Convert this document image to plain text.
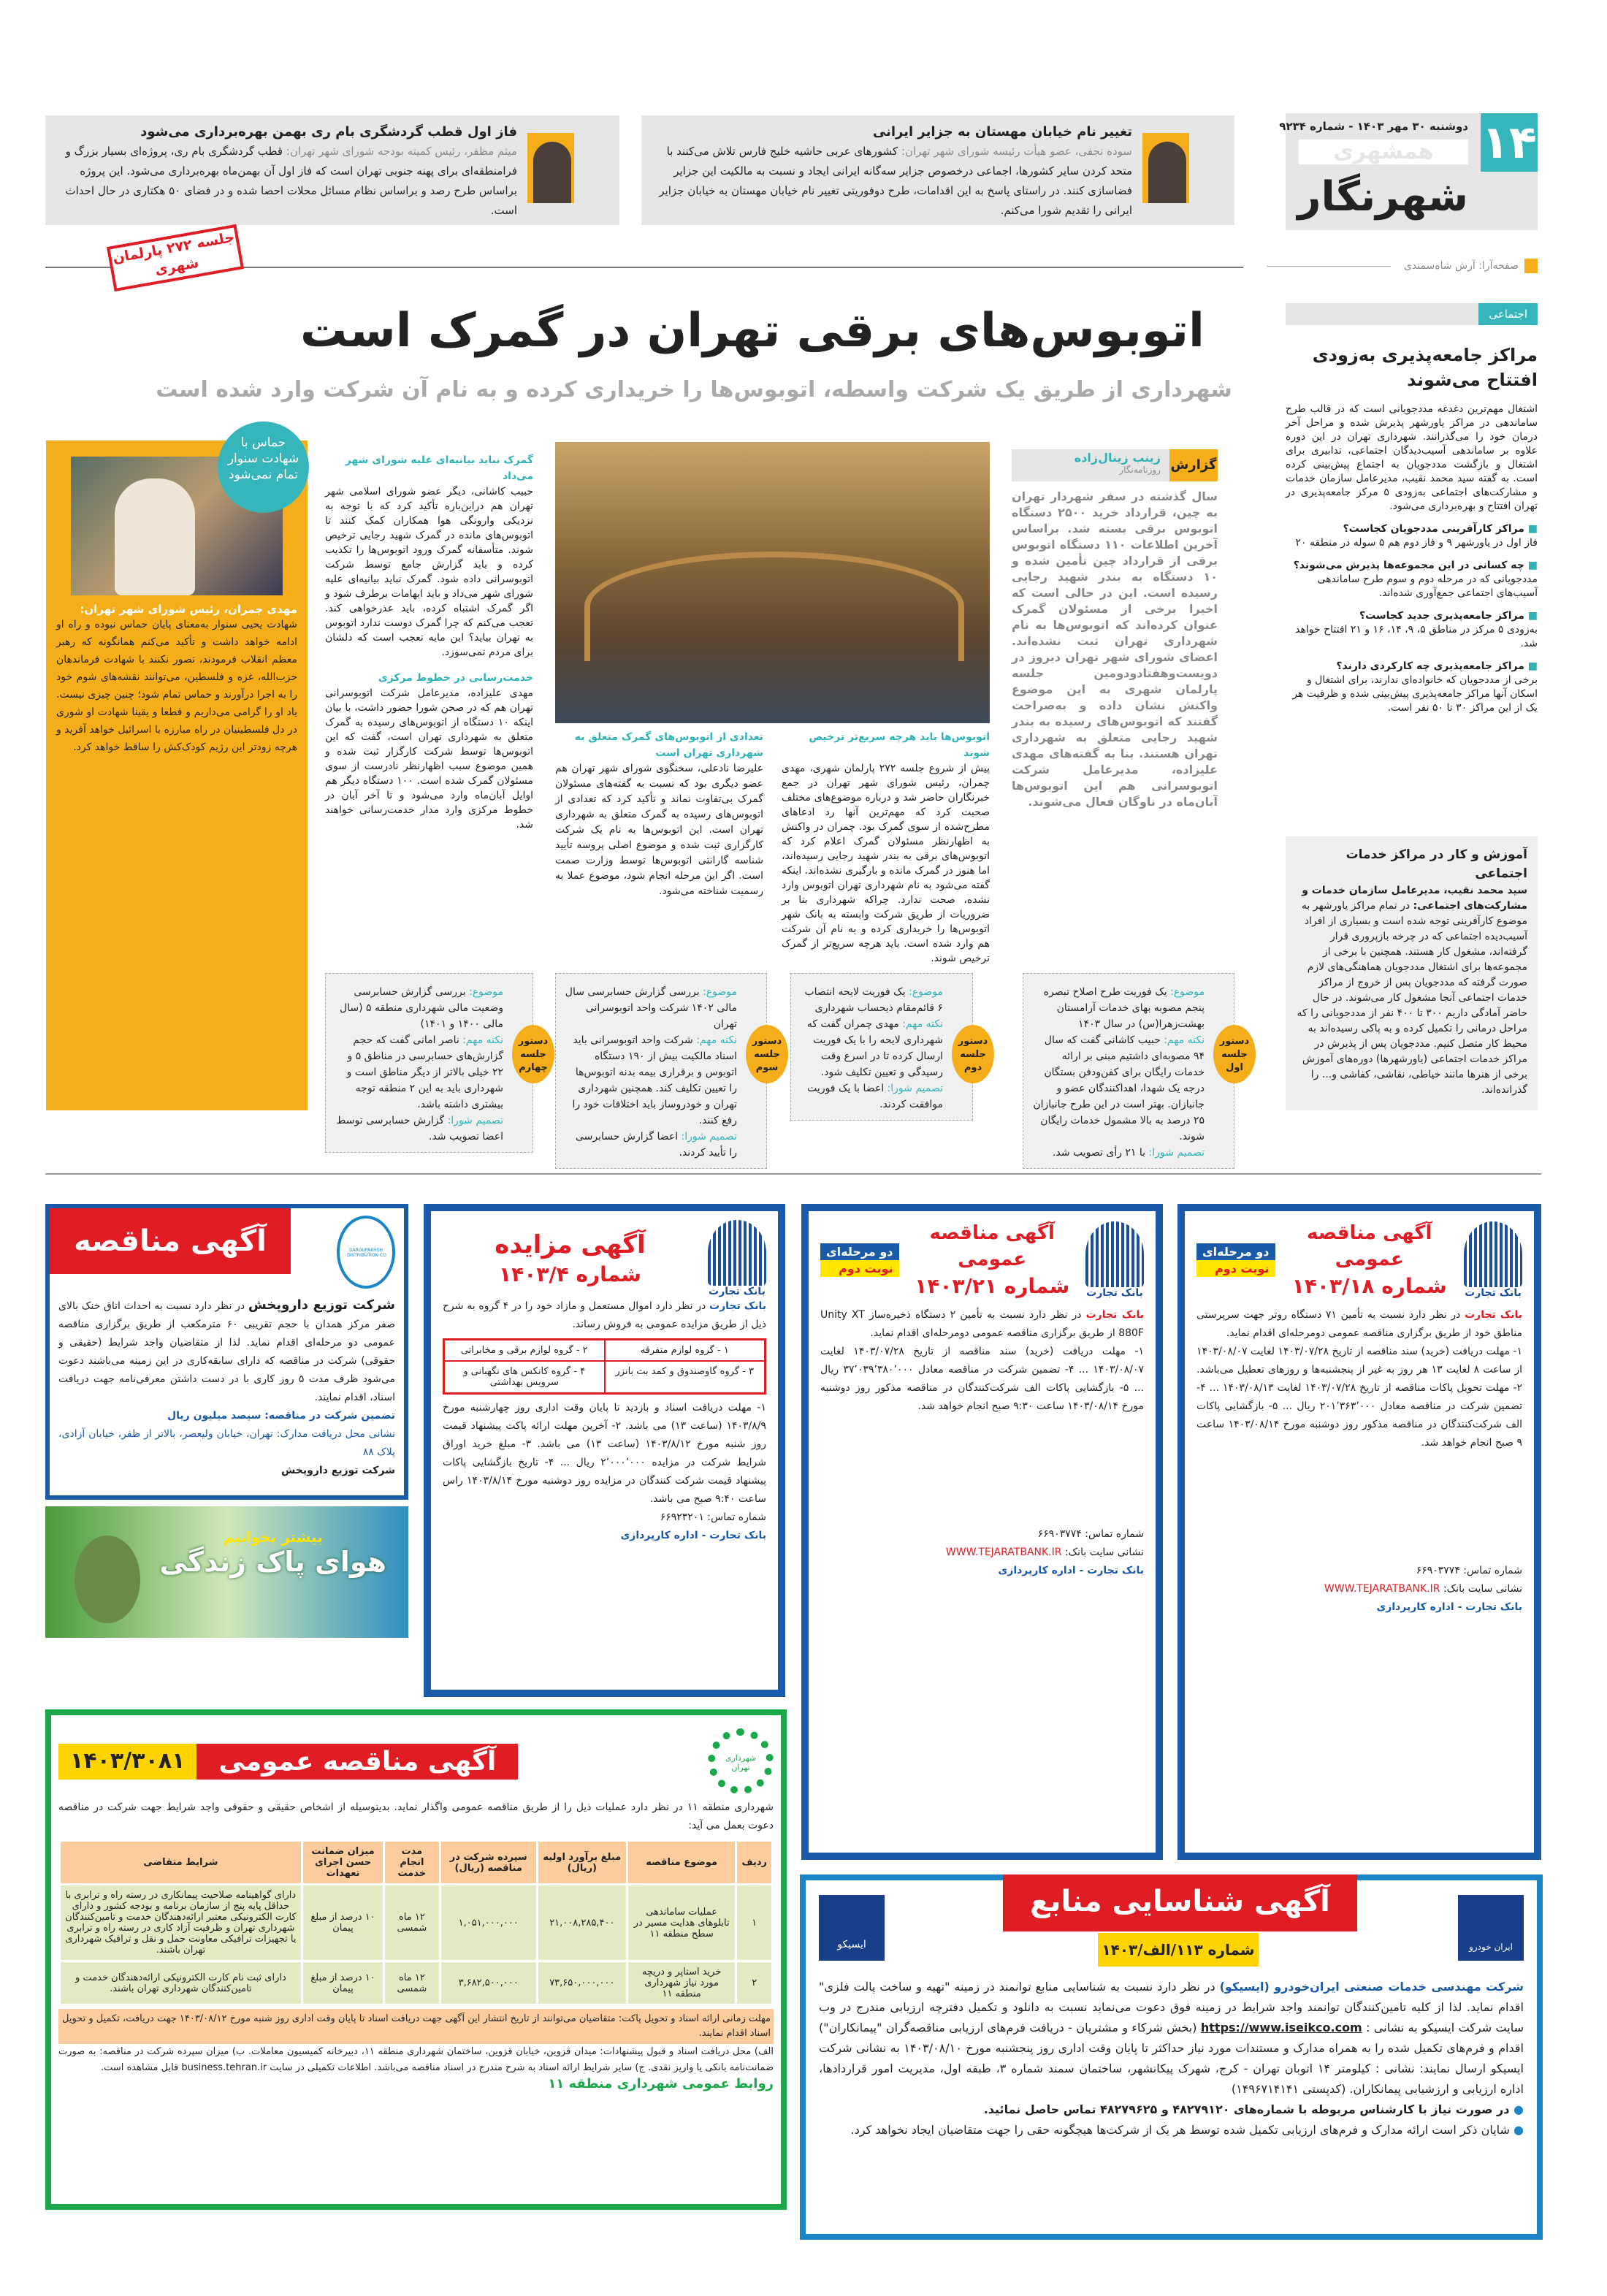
۱۴
دوشنبه ۳۰ مهر ۱۴۰۳ - شماره ۹۲۳۴
همشهری
شهرنگار
صفحه‌آرا: آرش شاه‌سمندی
تغییر نام خیابان مهستان به جزایر ایرانی
سوده نجفی، عضو هیأت رئیسه شورای شهر تهران: کشورهای عربی حاشیه خلیج فارس تلاش می‌کنند با متحد کردن سایر کشورها، اجماعی درخصوص جزایر سه‌گانه ایرانی ایجاد و نسبت به مالکیت این جزایر فضاسازی کنند. در راستای پاسخ به این اقدامات، طرح دوفوریتی تغییر نام خیابان مهستان به خیابان جزایر ایرانی را تقدیم شورا می‌کنم.
فاز اول قطب گردشگری بام ری بهمن بهره‌برداری می‌شود
میثم مظفر، رئیس کمیته بودجه شورای شهر تهران: قطب گردشگری بام ری، پروژه‌ای بسیار بزرگ و فرامنطقه‌ای برای پهنه جنوبی تهران است که فاز اول آن بهمن‌ماه بهره‌برداری می‌شود. این پروژه براساس طرح رصد و براساس نظام مسائل محلات احصا شده و در فضای ۵۰ هکتاری در حال احداث است.
جلسه ۲۷۲ پارلمان شهری
اتوبوس‌های برقی تهران در گمرک است
شهرداری از طریق یک شرکت واسطه، اتوبوس‌ها را خریداری کرده و به نام آن شرکت وارد شده است
گزارش
زینب زینال‌زاده
روزنامه‌نگار

سال گذشته در سفر شهردار تهران به چین، قرارداد خرید ۲۵۰۰ دستگاه اتوبوس برقی بسته شد. براساس آخرین اطلاعات ۱۱۰ دستگاه اتوبوس برقی از قرارداد چین تأمین شده و ۱۰ دستگاه به بندر شهید رجایی رسیده است. این در حالی است که اخیرا برخی از مسئولان گمرک عنوان کرده‌اند که اتوبوس‌ها به نام شهرداری تهران ثبت نشده‌اند. اعضای شورای شهر تهران دیروز در دویست‌وهفتادودومین جلسه پارلمان شهری به این موضوع واکنش نشان داده و به‌صراحت گفتند که اتوبوس‌های رسیده به بندر شهید رجایی متعلق به شهرداری تهران هستند. بنا به گفته‌های مهدی علیزاده، مدیرعامل شرکت اتوبوسرانی هم این اتوبوس‌ها آبان‌ماه در ناوگان فعال می‌شوند.

اتوبوس‌ها باید هرچه سریع‌تر ترخیص شوند

پیش از شروع جلسه ۲۷۲ پارلمان شهری، مهدی چمران، رئیس شورای شهر تهران در جمع خبرنگاران حاضر شد و درباره موضوع‌های مختلف صحبت کرد که مهم‌ترین آنها رد ادعاهای مطرح‌شده از سوی گمرک بود. چمران در واکنش به اظهارنظر مسئولان گمرک اعلام کرد که اتوبوس‌های برقی به بندر شهید رجایی رسیده‌اند، اما هنوز در گمرک مانده و بارگیری نشده‌اند. اینکه گفته می‌شود به نام شهرداری تهران اتوبوس وارد نشده، صحت ندارد. چراکه شهرداری بنا بر ضروریات از طریق شرکت وابسته به بانک شهر اتوبوس‌ها را خریداری کرده و به نام آن شرکت هم وارد شده است. باید هرچه سریع‌تر از گمرک ترخیص شوند.

تعدادی از اتوبوس‌های گمرک متعلق به شهرداری تهران است

علیرضا نادعلی، سخنگوی شورای شهر تهران هم عضو دیگری بود که نسبت به گفته‌های مسئولان گمرک بی‌تفاوت نماند و تأکید کرد که تعدادی از اتوبوس‌های رسیده به گمرک متعلق به شهرداری تهران است. این اتوبوس‌ها به نام یک شرکت کارگزاری ثبت شده و موضوع اصلی پروسه تأیید شناسه گارانتی اتوبوس‌ها توسط وزارت صمت است. اگر این مرحله انجام شود، موضوع عملا به رسمیت شناخته می‌شود.

گمرک نباید بیانیه‌ای علیه شورای شهر می‌داد

حبیب کاشانی، دیگر عضو شورای اسلامی شهر تهران هم دراین‌باره تأکید کرد که با توجه به نزدیکی وارونگی هوا همکاران کمک کنند تا اتوبوس‌های مانده در گمرک شهید رجایی ترخیص شوند. متأسفانه گمرک ورود اتوبوس‌ها را تکذیب کرده و باید گزارش جامع توسط شرکت اتوبوسرانی داده شود. گمرک نباید بیانیه‌ای علیه شورای شهر می‌داد و باید ابهامات برطرف شود و اگر گمرک اشتباه کرده، باید عذرخواهی کند. تعجب می‌کنم که چرا گمرک دوست ندارد اتوبوس به تهران بیاید؟ این مایه تعجب است که دلشان برای مردم نمی‌سوزد.

خدمت‌رسانی در خطوط مرکزی

مهدی علیزاده، مدیرعامل شرکت اتوبوسرانی تهران هم که در صحن شورا حضور داشت، با بیان اینکه ۱۰ دستگاه از اتوبوس‌های رسیده به گمرک متعلق به شهرداری تهران است، گفت که این اتوبوس‌ها توسط شرکت کارگزار ثبت شده و همین موضوع سبب اظهارنظر نادرست از سوی مسئولان گمرک شده است. ۱۰۰ دستگاه دیگر هم اوایل آبان‌ماه وارد می‌شود و تا آخر آبان در خطوط مرکزی وارد مدار خدمت‌رسانی خواهند شد.

حماس با شهادت سنوار تمام نمی‌شود
مهدی چمران، رئیس شورای شهر تهران:

شهادت یحیی سنوار به‌معنای پایان حماس نبوده و راه او ادامه خواهد داشت و تأکید می‌کنم همانگونه که رهبر معظم انقلاب فرمودند، تصور نکنند با شهادت فرماندهان حزب‌الله، غزه و فلسطین، می‌توانند نقشه‌های شوم خود را به اجرا درآورند و حماس تمام شود؛ چنین چیزی نیست. یاد او را گرامی می‌داریم و قطعا و یقینا شهادت او شوری در دل فلسطینیان در راه مبارزه با اسرائیل خواهد آفرید و هرچه زودتر این رژیم کودک‌کش را ساقط خواهد کرد.

دستور جلسه اول
موضوع: یک فوریت طرح اصلاح تبصره پنجم مصوبه بهای خدمات آرامستان بهشت‌زهرا(س) در سال ۱۴۰۳
نکته مهم: حبیب کاشانی گفت که سال ۹۴ مصوبه‌ای داشتیم مبنی بر ارائه خدمات رایگان برای کفن‌ودفن بستگان درجه یک شهدا، اهداکنندگان عضو و جانبازان. بهتر است در این طرح جانبازان ۲۵ درصد به بالا مشمول خدمات رایگان شوند.
تصمیم شورا: با ۲۱ رأی تصویب شد.
دستور جلسه دوم
موضوع: یک فوریت لایحه انتصاب ۶ قائم‌مقام ذیحساب شهرداری
نکته مهم: مهدی چمران گفت که شهرداری لایحه را با یک فوریت ارسال کرده تا در اسرع وقت رسیدگی و تعیین تکلیف شود.
تصمیم شورا: اعضا با یک فوریت موافقت کردند.
دستور جلسه سوم
موضوع: بررسی گزارش حسابرسی سال مالی ۱۴۰۲ شرکت واحد اتوبوسرانی تهران
نکته مهم: شرکت واحد اتوبوسرانی باید اسناد مالکیت بیش از ۱۹۰ دستگاه اتوبوس و برقراری بیمه بدنه اتوبوس‌ها را تعیین تکلیف کند. همچنین شهرداری تهران و خودروساز باید اختلافات خود را رفع کنند.
تصمیم شورا: اعضا گزارش حسابرسی را تأیید کردند.
دستور جلسه چهارم
موضوع: بررسی گزارش حسابرسی وضعیت مالی شهرداری منطقه ۵ (سال مالی ۱۴۰۰ و ۱۴۰۱)
نکته مهم: ناصر امانی گفت که حجم گزارش‌های حسابرسی در مناطق ۵ و ۲۲ خیلی بالاتر از دیگر مناطق است و شهرداری باید به این ۲ منطقه توجه بیشتری داشته باشد.
تصمیم شورا: گزارش حسابرسی توسط اعضا تصویب شد.
اجتماعی
مراکز جامعه‌پذیری به‌زودی افتتاح می‌شوند

اشتغال مهم‌ترین دغدغه مددجویانی است که در قالب طرح ساماندهی در مراکز یاورشهر پذیرش شده و مراحل آخر درمان خود را می‌گذرانند. شهرداری تهران در این دوره علاوه بر ساماندهی آسیب‌دیدگان اجتماعی، تدابیری برای اشتغال و بازگشت مددجویان به اجتماع پیش‌بینی کرده است. به گفته سید محمد نقیب، مدیرعامل سازمان خدمات و مشارکت‌های اجتماعی به‌زودی ۵ مرکز جامعه‌پذیری در تهران افتتاح و بهره‌برداری می‌شود.

■ مراکز کارآفرینی مددجویان کجاست؟
فاز اول در یاورشهر ۹ و فاز دوم هم ۵ سوله در منطقه ۲۰
■ چه کسانی در این مجموعه‌ها پذیرش می‌شوند؟
مددجویانی که در مرحله دوم و سوم طرح ساماندهی آسیب‌های اجتماعی جمع‌آوری شده‌اند.
■ مراکز جامعه‌پذیری جدید کجاست؟
به‌زودی ۵ مرکز در مناطق ۵، ۹، ۱۴، ۱۶ و ۲۱ افتتاح خواهد شد.
■ مراکز جامعه‌پذیری چه کارکردی دارند؟
برخی از مددجویان که خانواده‌ای ندارند، برای اشتغال و اسکان آنها مراکز جامعه‌پذیری پیش‌بینی شده و ظرفیت هر یک از این مراکز ۳۰ تا ۵۰ نفر است.
آموزش و کار در مراکز خدمات اجتماعی
سید محمد نقیب، مدیرعامل سازمان خدمات و مشارکت‌های اجتماعی: در تمام مراکز یاورشهر به موضوع کارآفرینی توجه شده است و بسیاری از افراد آسیب‌دیده اجتماعی که در چرخه بازپروری قرار گرفته‌اند، مشغول کار هستند. همچنین با برخی از مجموعه‌ها برای اشتغال مددجویان هماهنگی‌های لازم صورت گرفته که مددجویان پس از خروج از مراکز خدمات اجتماعی آنجا مشغول کار می‌شوند. در حال حاضر آمادگی داریم ۳۰۰ تا ۴۰۰ نفر از مددجویانی را که مراحل درمانی را تکمیل کرده و به پاکی رسیده‌اند به محیط کار متصل کنیم. مددجویان پس از پذیرش در مراکز خدمات اجتماعی (یاورشهرها) دوره‌های آموزش برخی از هنرها مانند خیاطی، نقاشی، کفاشی و... را گذرانده‌اند.
بانک تجارت
آگهی مناقصه عمومی
شماره ۱۴۰۳/۱۸
دو مرحله‌ای
نوبت دوم

بانک تجارت در نظر دارد نسبت به تأمین ۷۱ دستگاه روتر جهت سرپرستی مناطق خود از طریق برگزاری مناقصه عمومی دومرحله‌ای اقدام نماید.

۱- مهلت دریافت (خرید) سند مناقصه از تاریخ ۱۴۰۳/۰۷/۲۸ لغایت ۱۴۰۳/۰۸/۰۷ از ساعت ۸ لغایت ۱۳ هر روز به غیر از پنجشنبه‌ها و روزهای تعطیل می‌باشد. ۲- مهلت تحویل پاکات مناقصه از تاریخ ۱۴۰۳/۰۷/۲۸ لغایت ۱۴۰۳/۰۸/۱۳ ... ۴- تضمین شرکت در مناقصه معادل ۲۰۱٬۳۶۳٬۰۰۰ ریال ... ۵- بازگشایی پاکات الف شرکت‌کنندگان در مناقصه مذکور روز دوشنبه مورخ ۱۴۰۳/۰۸/۱۴ ساعت ۹ صبح انجام خواهد شد.

شماره تماس: ۶۶۹۰۳۷۷۴

نشانی سایت بانک: WWW.TEJARATBANK.IR

بانک تجارت - اداره کارپردازی

بانک تجارت
آگهی مناقصه عمومی
شماره ۱۴۰۳/۲۱
دو مرحله‌ای
نوبت دوم

بانک تجارت در نظر دارد نسبت به تأمین ۲ دستگاه ذخیره‌ساز Unity XT 880F از طریق برگزاری مناقصه عمومی دومرحله‌ای اقدام نماید.

۱- مهلت دریافت (خرید) سند مناقصه از تاریخ ۱۴۰۳/۰۷/۲۸ لغایت ۱۴۰۳/۰۸/۰۷ ... ۴- تضمین شرکت در مناقصه معادل ۳۷٬۰۳۹٬۳۸۰٬۰۰۰ ریال ... ۵- بازگشایی پاکات الف شرکت‌کنندگان در مناقصه مذکور روز دوشنبه مورخ ۱۴۰۳/۰۸/۱۴ ساعت ۹:۳۰ صبح انجام خواهد شد.

شماره تماس: ۶۶۹۰۳۷۷۴

نشانی سایت بانک: WWW.TEJARATBANK.IR

بانک تجارت - اداره کارپردازی

بانک تجارت
آگهی مزایده
شماره ۱۴۰۳/۴

بانک تجارت در نظر دارد اموال مستعمل و مازاد خود را در ۴ گروه به شرح ذیل از طریق مزایده عمومی به فروش رساند.

۱ - گروه لوازم متفرقه
۲ - گروه لوازم برقی و مخابراتی
۳ - گروه گاوصندوق و کمد بت بانزر
۴ - گروه کانکس های نگهبانی و سرویس بهداشتی

۱- مهلت دریافت اسناد و بازدید تا پایان وقت اداری روز چهارشنبه مورخ ۱۴۰۳/۸/۹ (ساعت ۱۳) می باشد. ۲- آخرین مهلت ارائه پاکت پیشنهاد قیمت روز شنبه مورخ ۱۴۰۳/۸/۱۲ (ساعت ۱۳) می باشد. ۳- مبلغ خرید اوراق شرایط شرکت در مزایده ۲٬۰۰۰٬۰۰۰ ریال ... ۴- تاریخ بازگشایی پاکات پیشنهاد قیمت شرکت کنندگان در مزایده روز دوشنبه مورخ ۱۴۰۳/۸/۱۴ راس ساعت ۹:۴۰ صبح می باشد.

شماره تماس: ۶۶۹۲۳۲۰۱

بانک تجارت - اداره کارپردازی

آگهی مناقصه	DAROUPAKHSH DISTRIBUTION CO.
شرکت توزیع داروپخش در نظر دارد نسبت به احداث اتاق خنک بالای صفر مرکز همدان با حجم تقریبی ۶۰ مترمکعب از طریق برگزاری مناقصه عمومی دو مرحله‌ای اقدام نماید. لذا از متقاضیان واجد شرایط (حقیقی و حقوقی) شرکت در مناقصه که دارای سابقه‌کاری در این زمینه می‌باشند دعوت می‌شود ظرف مدت ۵ روز کاری با در دست داشتن معرفی‌نامه جهت دریافت اسناد، اقدام نمایند.
تضمین شرکت در مناقصه: سیصد میلیون ریال
نشانی محل دریافت مدارک: تهران، خیابان ولیعصر، بالاتر از ظفر، خیابان آزادی، پلاک ۸۸
شرکت توزیع داروپخش
بیشتر بخوانیم
هوای پاک زندگی
شهرداری تهران
آگهی مناقصه عمومی
۱۴۰۳/۳۰۸۱

شهرداری منطقه ۱۱ در نظر دارد عملیات ذیل را از طریق مناقصه عمومی واگذار نماید. بدینوسیله از اشخاص حقیقی و حقوقی واجد شرایط جهت شرکت در مناقصه دعوت بعمل می آید:

ردیف	موضوع مناقصه	مبلغ برآورد اولیه (ریال)	سپرده شرکت در مناقصه (ریال)	مدت انجام خدمت	میزان ضمانت حسن اجرای تعهدات	شرایط متقاضی
۱	عملیات ساماندهی تابلوهای هدایت مسیر در سطح منطقه ۱۱	۲۱,۰۰۸,۲۸۵,۴۰۰	۱,۰۵۱,۰۰۰,۰۰۰	۱۲ ماه شمسی	۱۰ درصد از مبلغ پیمان	دارای گواهینامه صلاحیت پیمانکاری در رسته راه و ترابری با حداقل پایه پنج از سازمان برنامه و بودجه کشور و دارای کارت الکترونیکی معتبر ارائه‌دهندگان خدمت و تامین‌کنندگان شهرداری تهران و ظرفیت آزاد کاری در رسته راه و ترابری یا تجهیزات ترافیکی معاونت حمل و نقل و ترافیک شهرداری تهران باشند.
۲	خرید استاپر و دریچه مورد نیاز شهرداری منطقه ۱۱	۷۳,۶۵۰,۰۰۰,۰۰۰	۳,۶۸۲,۵۰۰,۰۰۰	۱۲ ماه شمسی	۱۰ درصد از مبلغ پیمان	دارای ثبت نام کارت الکترونیکی ارائه‌دهندگان خدمت و تامین‌کنندگان شهرداری تهران باشند.

مهلت زمانی ارائه اسناد و تحویل پاکت: متقاضیان می‌توانند از تاریخ انتشار این آگهی جهت دریافت اسناد تا پایان وقت اداری روز شنبه مورخ ۱۴۰۳/۰۸/۱۲ جهت دریافت، تکمیل و تحویل اسناد اقدام نمایند.

الف) محل دریافت اسناد و قبول پیشنهادات: میدان قزوین، خیابان قزوین، ساختمان شهرداری منطقه ۱۱، دبیرخانه کمیسیون معاملات. ب) میزان سپرده شرکت در مناقصه: به صورت ضمانت‌نامه بانکی یا واریز نقدی. ج) سایر شرایط ارائه اسناد به شرح مندرج در اسناد مناقصه می‌باشد. اطلاعات تکمیلی در سایت business.tehran.ir قابل مشاهده است.

روابط عمومی شهرداری منطقه ۱۱

ایران خودرو
ایسیکو
آگهی شناسایی منابع
شماره ۱۱۳/الف/۱۴۰۳
شرکت مهندسی خدمات صنعتی ایران‌خودرو (ایسیکو) در نظر دارد نسبت به شناسایی منابع توانمند در زمینه "تهیه و ساخت پالت فلزی" اقدام نماید. لذا از کلیه تامین‌کنندگان توانمند واجد شرایط در زمینه فوق دعوت می‌نماید نسبت به دانلود و تکمیل دفترچه ارزیابی مندرج در وب سایت شرکت ایسیکو به نشانی : https://www.iseikco.com (بخش شرکاء و مشتریان - دریافت فرم‌های ارزیابی مناقصه‌گران "پیمانکاران") اقدام و فرم‌های تکمیل شده را به همراه مدارک و مستندات مورد نیاز حداکثر تا پایان وقت اداری روز پنجشنبه مورخ ۱۴۰۳/۰۸/۱۰ به نشانی شرکت ایسیکو ارسال نمایند: نشانی : کیلومتر ۱۴ اتوبان تهران - کرج، شهرک پیکانشهر، ساختمان سمند شماره ۳، طبقه اول، مدیریت امور قراردادها، اداره ارزیابی و ارزشیابی پیمانکاران. (کدپستی ۱۴۹۶۷۱۴۱۴۱)
● در صورت نیاز با کارشناس مربوطه با شماره‌های ۴۸۲۷۹۱۲۰ و ۴۸۲۷۹۶۲۵ تماس حاصل نمائید.
● شایان ذکر است ارائه مدارک و فرم‌های ارزیابی تکمیل شده توسط هر یک از شرکت‌ها هیچگونه حقی را جهت متقاضیان ایجاد نخواهد کرد.
